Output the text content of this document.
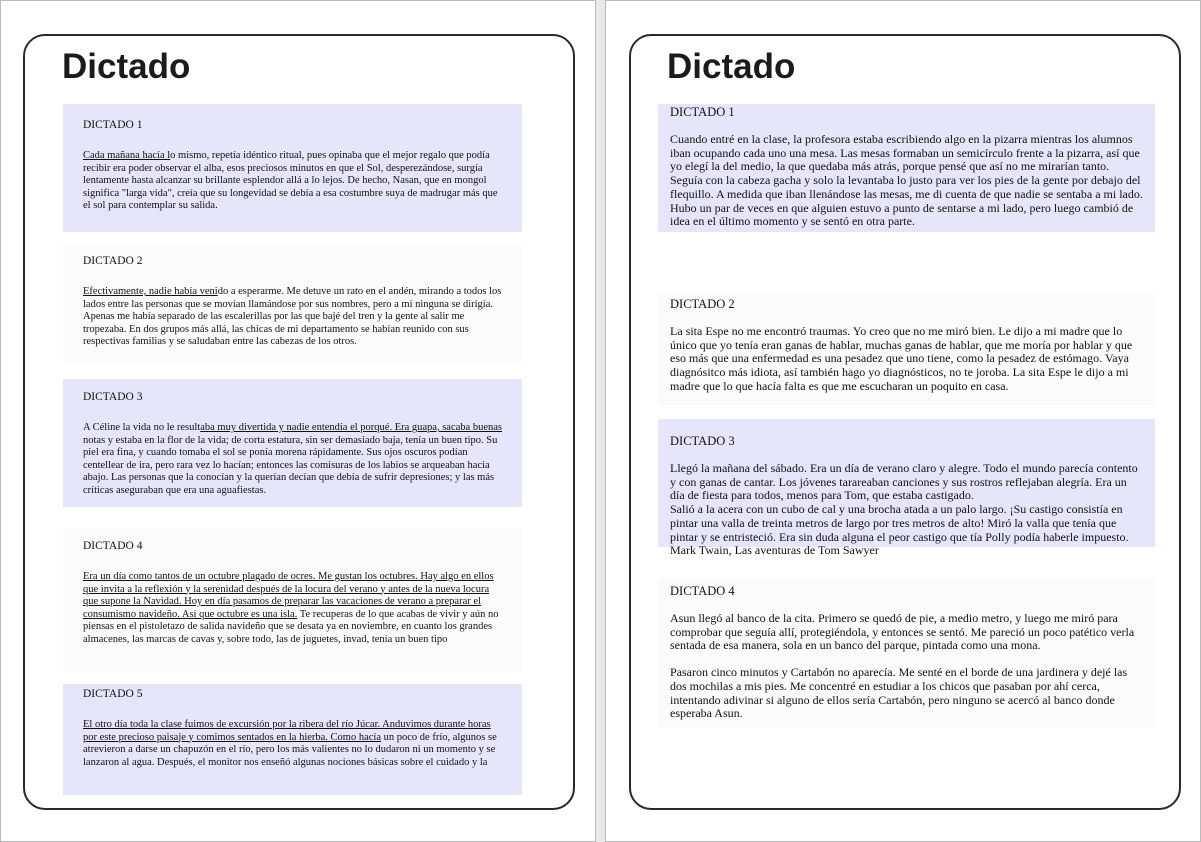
Dictado

DICTADO 1

Cada mañana hacía lo mismo, repetía idéntico ritual, pues opinaba que el mejor regalo que podía recibir era poder observar el alba, esos preciosos minutos en que el Sol, desperezándose, surgía lentamente hasta alcanzar su brillante esplendor allá a lo lejos. De hecho, Nasan, que en mongol significa "larga vida", creía que su longevidad se debía a esa costumbre suya de madrugar más que el sol para contemplar su salida.

DICTADO 2

Efectivamente, nadie había venido a esperarme. Me detuve un rato en el andén, mirando a todos los lados entre las personas que se movían llamándose por sus nombres, pero a mí ninguna se dirigía. Apenas me había separado de las escalerillas por las que bajé del tren y la gente al salir me tropezaba. En dos grupos más allá, las chicas de mi departamento se habían reunido con sus respectivas familias y se saludaban entre las cabezas de los otros.

DICTADO 3

A Céline la vida no le resultaba muy divertida y nadie entendía el porqué. Era guapa, sacaba buenas notas y estaba en la flor de la vida; de corta estatura, sin ser demasiado baja, tenía un buen tipo. Su piel era fina, y cuando tomaba el sol se ponía morena rápidamente. Sus ojos oscuros podían centellear de ira, pero rara vez lo hacían; entonces las comisuras de los labios se arqueaban hacia abajo. Las personas que la conocían y la querían decían que debía de sufrir depresiones; y las más críticas aseguraban que era una aguafiestas.

DICTADO 4

Era un día como tantos de un octubre plagado de ocres. Me gustan los octubres. Hay algo en ellos que invita a la reflexión y la serenidad después de la locura del verano y antes de la nueva locura que supone la Navidad. Hoy en día pasamos de preparar las vacaciones de verano a preparar el consumismo navideño. Así que octubre es una isla. Te recuperas de lo que acabas de vivir y aún no piensas en el pistoletazo de salida navideño que se desata ya en noviembre, en cuanto los grandes almacenes, las marcas de cavas y, sobre todo, las de juguetes, invad, tenía un buen tipo

DICTADO 5

El otro día toda la clase fuimos de excursión por la ribera del río Júcar. Anduvimos durante horas por este precioso paisaje y comimos sentados en la hierba. Como hacía un poco de frío, algunos se atrevieron a darse un chapuzón en el río, pero los más valientes no lo dudaron ni un momento y se lanzaron al agua. Después, el monitor nos enseñó algunas nociones básicas sobre el cuidado y la

Dictado

DICTADO 1

Cuando entré en la clase, la profesora estaba escribiendo algo en la pizarra mientras los alumnos iban ocupando cada uno una mesa. Las mesas formaban un semicírculo frente a la pizarra, así que yo elegí la del medio, la que quedaba más atrás, porque pensé que así no me mirarían tanto. Seguía con la cabeza gacha y solo la levantaba lo justo para ver los pies de la gente por debajo del flequillo. A medida que iban llenándose las mesas, me di cuenta de que nadie se sentaba a mi lado. Hubo un par de veces en que alguien estuvo a punto de sentarse a mi lado, pero luego cambió de idea en el último momento y se sentó en otra parte.

DICTADO 2

La sita Espe no me encontró traumas. Yo creo que no me miró bien. Le dijo a mi madre que lo único que yo tenía eran ganas de hablar, muchas ganas de hablar, que me moría por hablar y que eso más que una enfermedad es una pesadez que uno tiene, como la pesadez de estómago. Vaya diagnósitco más idiota, así también hago yo diagnósticos, no te joroba. La sita Espe le dijo a mi madre que lo que hacía falta es que me escucharan un poquito en casa.

DICTADO 3

Llegó la mañana del sábado. Era un día de verano claro y alegre. Todo el mundo parecía contento y con ganas de cantar. Los jóvenes tarareaban canciones y sus rostros reflejaban alegría. Era un día de fiesta para todos, menos para Tom, que estaba castigado.

Salió a la acera con un cubo de cal y una brocha atada a un palo largo. ¡Su castigo consistía en pintar una valla de treinta metros de largo por tres metros de alto! Miró la valla que tenía que pintar y se entristeció. Era sin duda alguna el peor castigo que tía Polly podía haberle impuesto.

Mark Twain, Las aventuras de Tom Sawyer

DICTADO 4

Asun llegó al banco de la cita. Primero se quedó de pie, a medio metro, y luego me miró para comprobar que seguía allí, protegiéndola, y entonces se sentó. Me pareció un poco patético verla sentada de esa manera, sola en un banco del parque, pintada como una mona.

Pasaron cinco minutos y Cartabón no aparecía. Me senté en el borde de una jardinera y dejé las dos mochilas a mis pies. Me concentré en estudiar a los chicos que pasaban por ahí cerca, intentando adivinar si alguno de ellos sería Cartabón, pero ninguno se acercó al banco donde esperaba Asun.
